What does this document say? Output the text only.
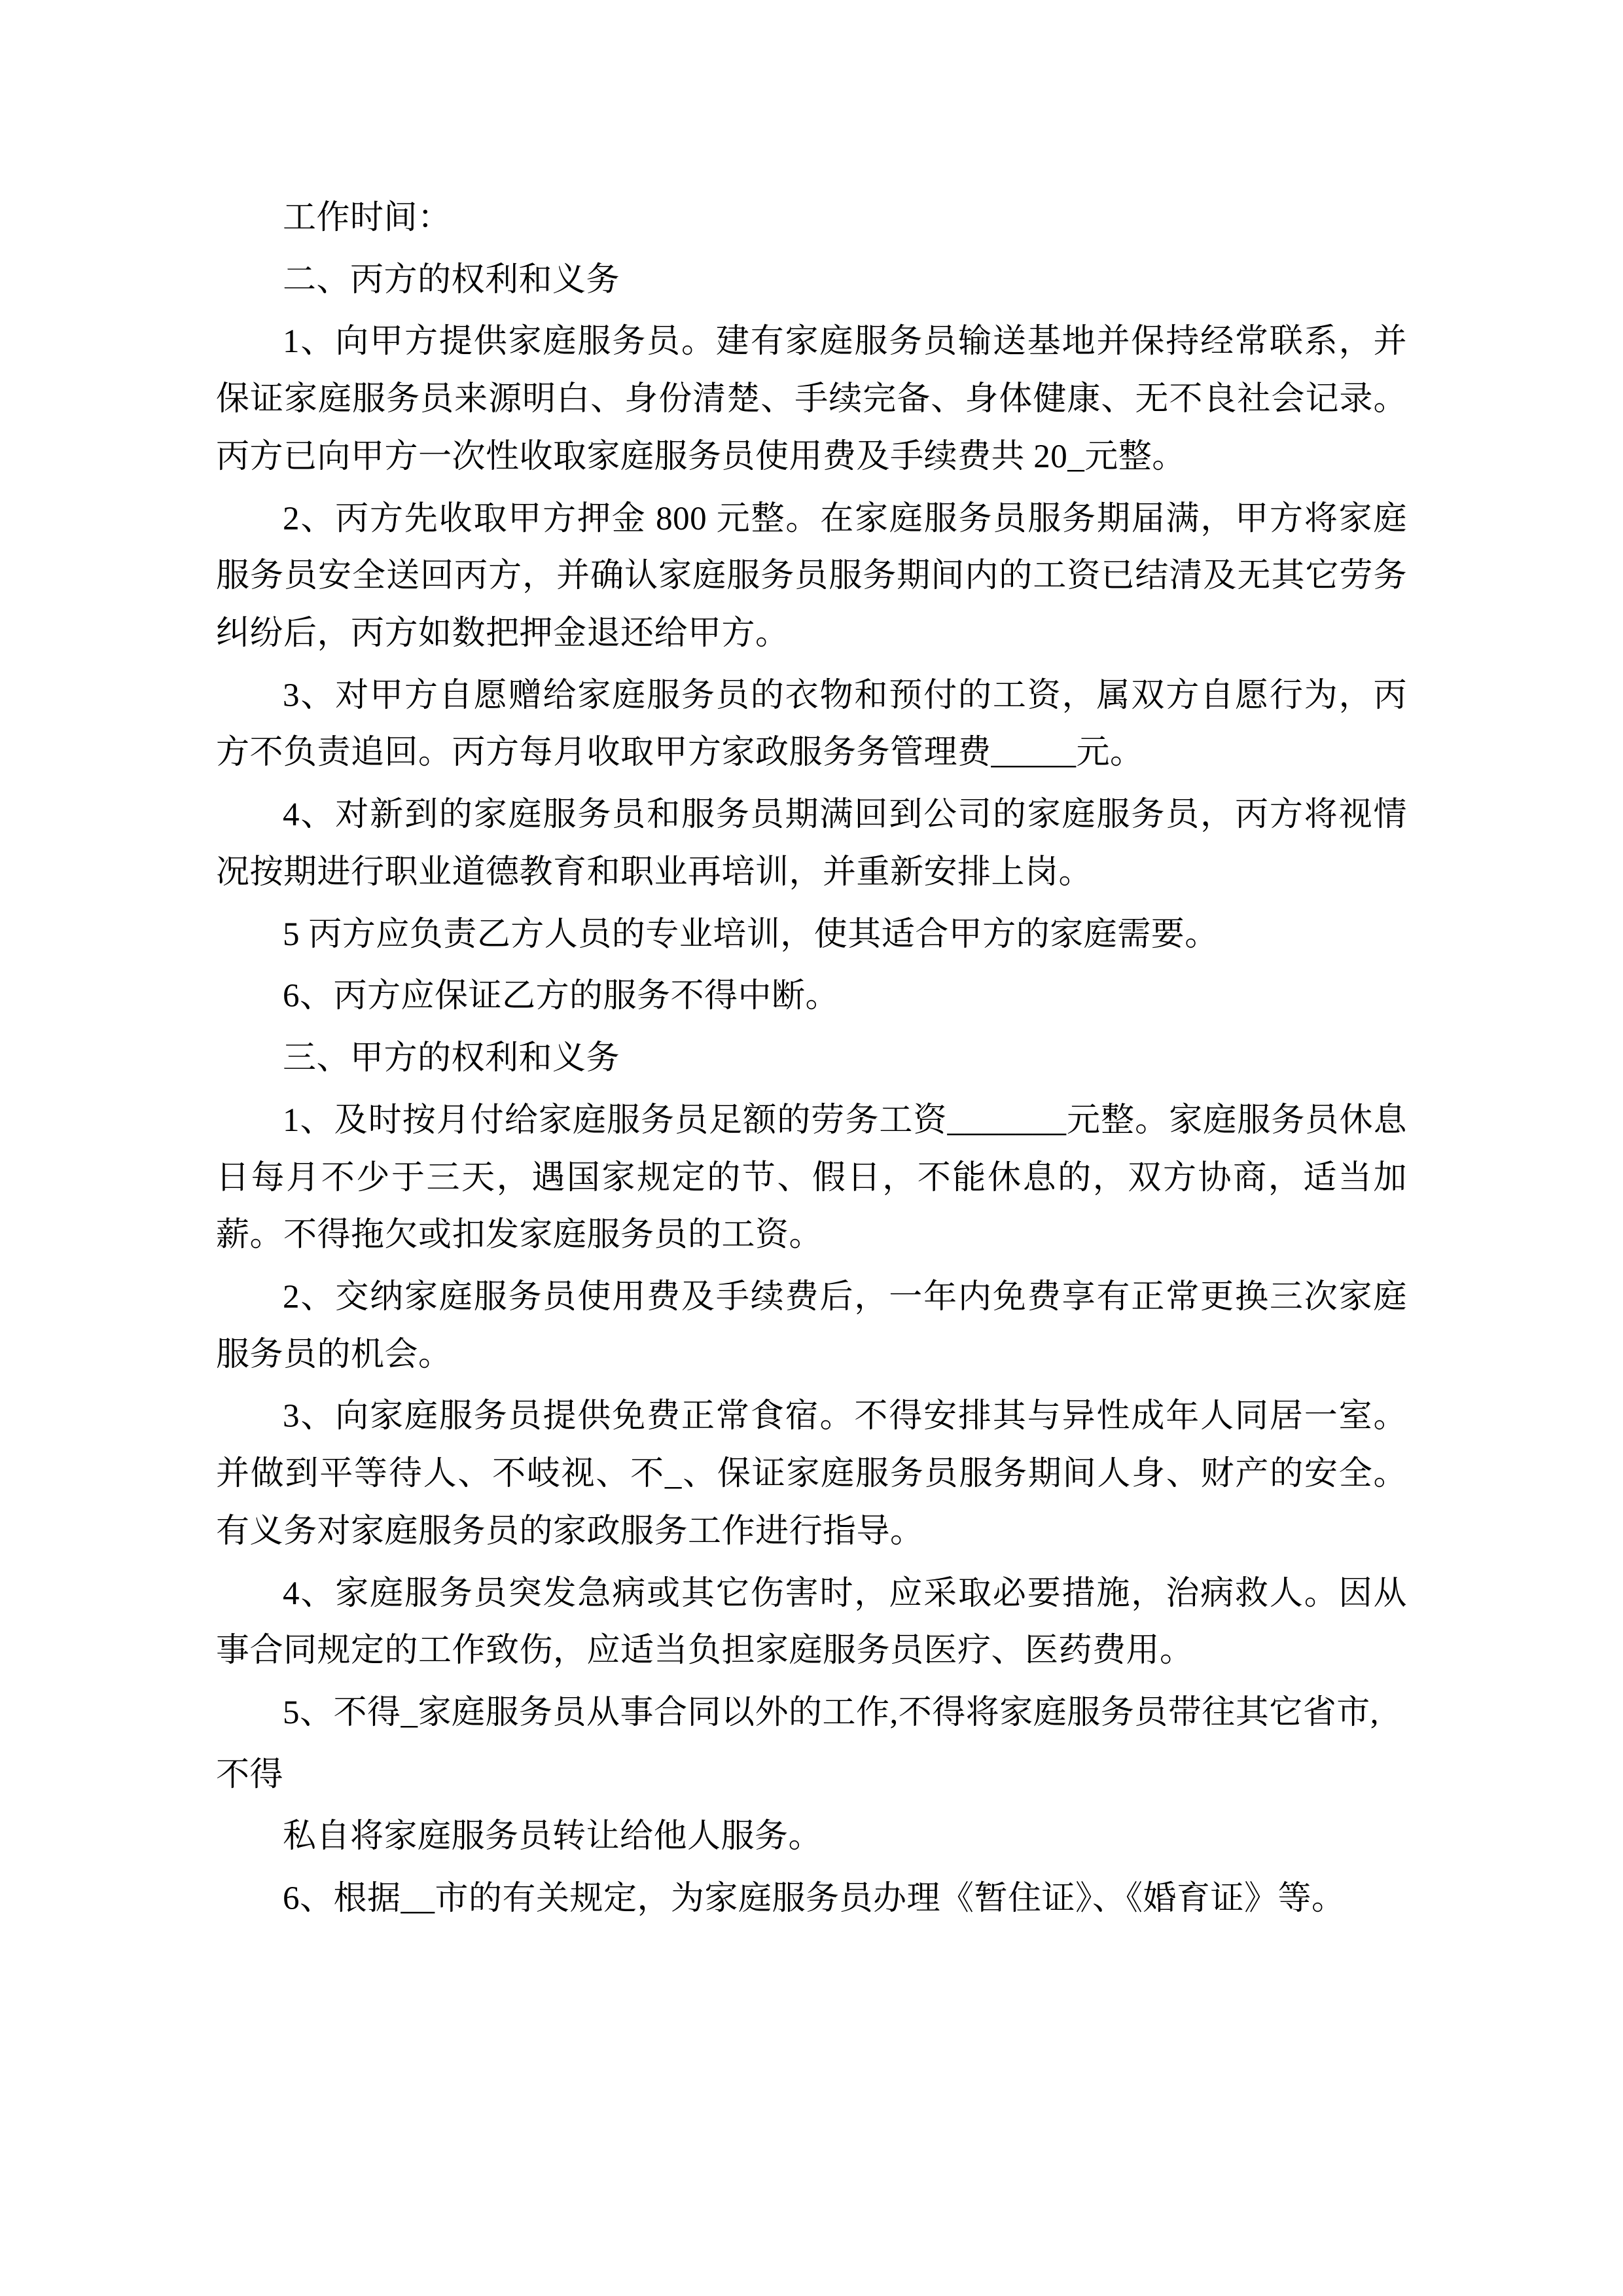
工作时间：

二、丙方的权利和义务

1、向甲方提供家庭服务员。建有家庭服务员输送基地并保持经常联系，并保证家庭服务员来源明白、身份清楚、手续完备、身体健康、无不良社会记录。丙方已向甲方一次性收取家庭服务员使用费及手续费共 20_元整。

2、丙方先收取甲方押金 800 元整。在家庭服务员服务期届满，甲方将家庭服务员安全送回丙方，并确认家庭服务员服务期间内的工资已结清及无其它劳务纠纷后，丙方如数把押金退还给甲方。

3、对甲方自愿赠给家庭服务员的衣物和预付的工资，属双方自愿行为，丙方不负责追回。丙方每月收取甲方家政服务务管理费_____元。

4、对新到的家庭服务员和服务员期满回到公司的家庭服务员，丙方将视情况按期进行职业道德教育和职业再培训，并重新安排上岗。

5 丙方应负责乙方人员的专业培训，使其适合甲方的家庭需要。

6、丙方应保证乙方的服务不得中断。

三、甲方的权利和义务

1、及时按月付给家庭服务员足额的劳务工资_______元整。家庭服务员休息日每月不少于三天，遇国家规定的节、假日，不能休息的，双方协商，适当加薪。不得拖欠或扣发家庭服务员的工资。

2、交纳家庭服务员使用费及手续费后，一年内免费享有正常更换三次家庭服务员的机会。

3、向家庭服务员提供免费正常食宿。不得安排其与异性成年人同居一室。并做到平等待人、不岐视、不_、保证家庭服务员服务期间人身、财产的安全。有义务对家庭服务员的家政服务工作进行指导。

4、家庭服务员突发急病或其它伤害时，应采取必要措施，治病救人。因从事合同规定的工作致伤，应适当负担家庭服务员医疗、医药费用。

5、不得_家庭服务员从事合同以外的工作,不得将家庭服务员带往其它省市,

不得

私自将家庭服务员转让给他人服务。

6、根据__市的有关规定，为家庭服务员办理《暂住证》、《婚育证》等。
